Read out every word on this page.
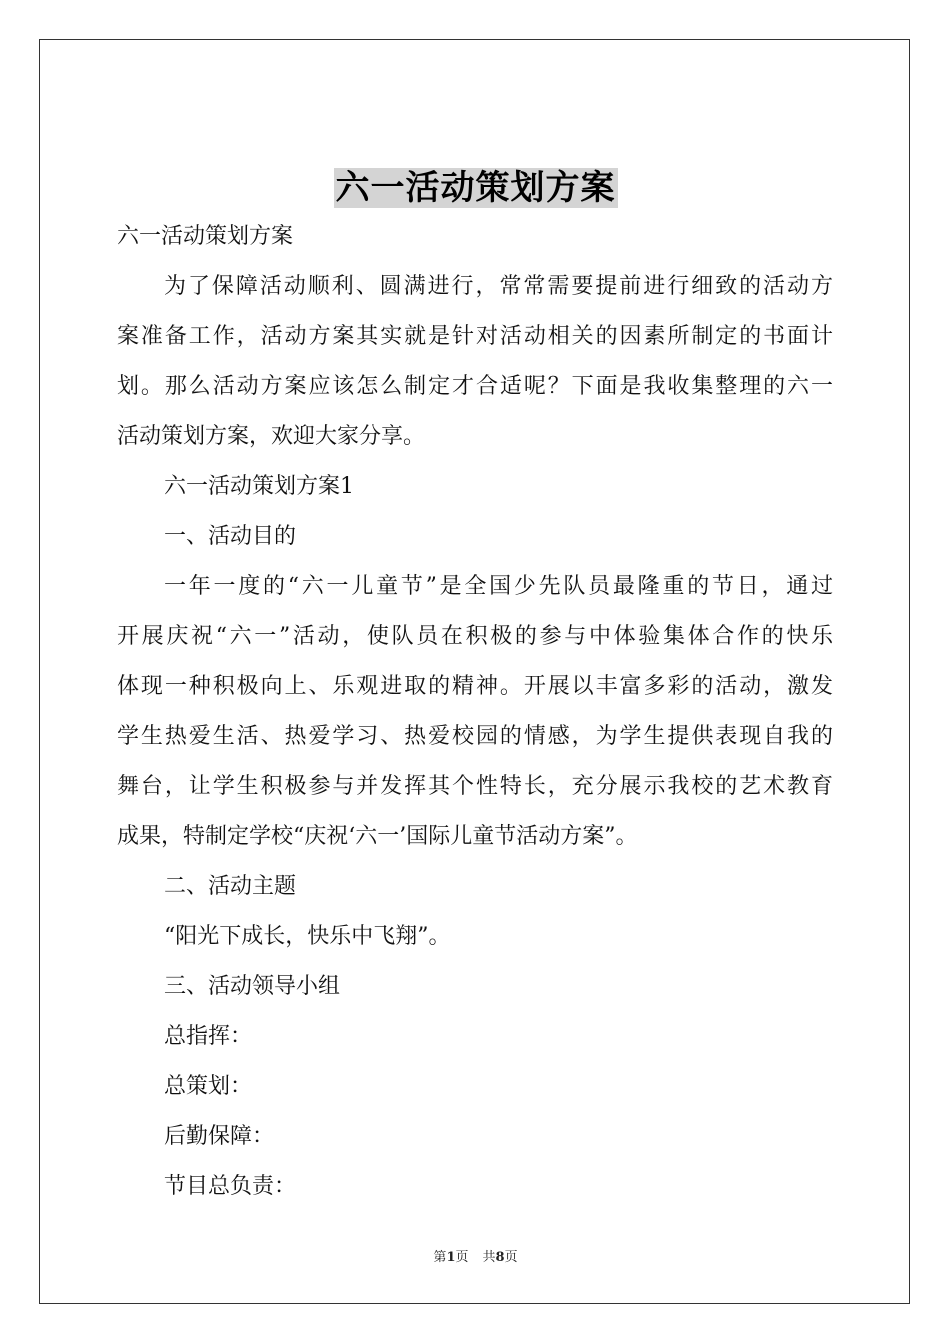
六一活动策划方案
六一活动策划方案
为了保障活动顺利、圆满进行，常常需要提前进行细致的活动方
案准备工作，活动方案其实就是针对活动相关的因素所制定的书面计
划。那么活动方案应该怎么制定才合适呢？下面是我收集整理的六一
活动策划方案，欢迎大家分享。
六一活动策划方案1
一、活动目的
一年一度的“六一儿童节”是全国少先队员最隆重的节日，通过
开展庆祝“六一”活动，使队员在积极的参与中体验集体合作的快乐
体现一种积极向上、乐观进取的精神。开展以丰富多彩的活动，激发
学生热爱生活、热爱学习、热爱校园的情感，为学生提供表现自我的
舞台，让学生积极参与并发挥其个性特长，充分展示我校的艺术教育
成果，特制定学校“庆祝‘六一’国际儿童节活动方案”。
二、活动主题
“阳光下成长，快乐中飞翔”。
三、活动领导小组
总指挥：
总策划：
后勤保障：
节目总负责：
第1页 共8页
